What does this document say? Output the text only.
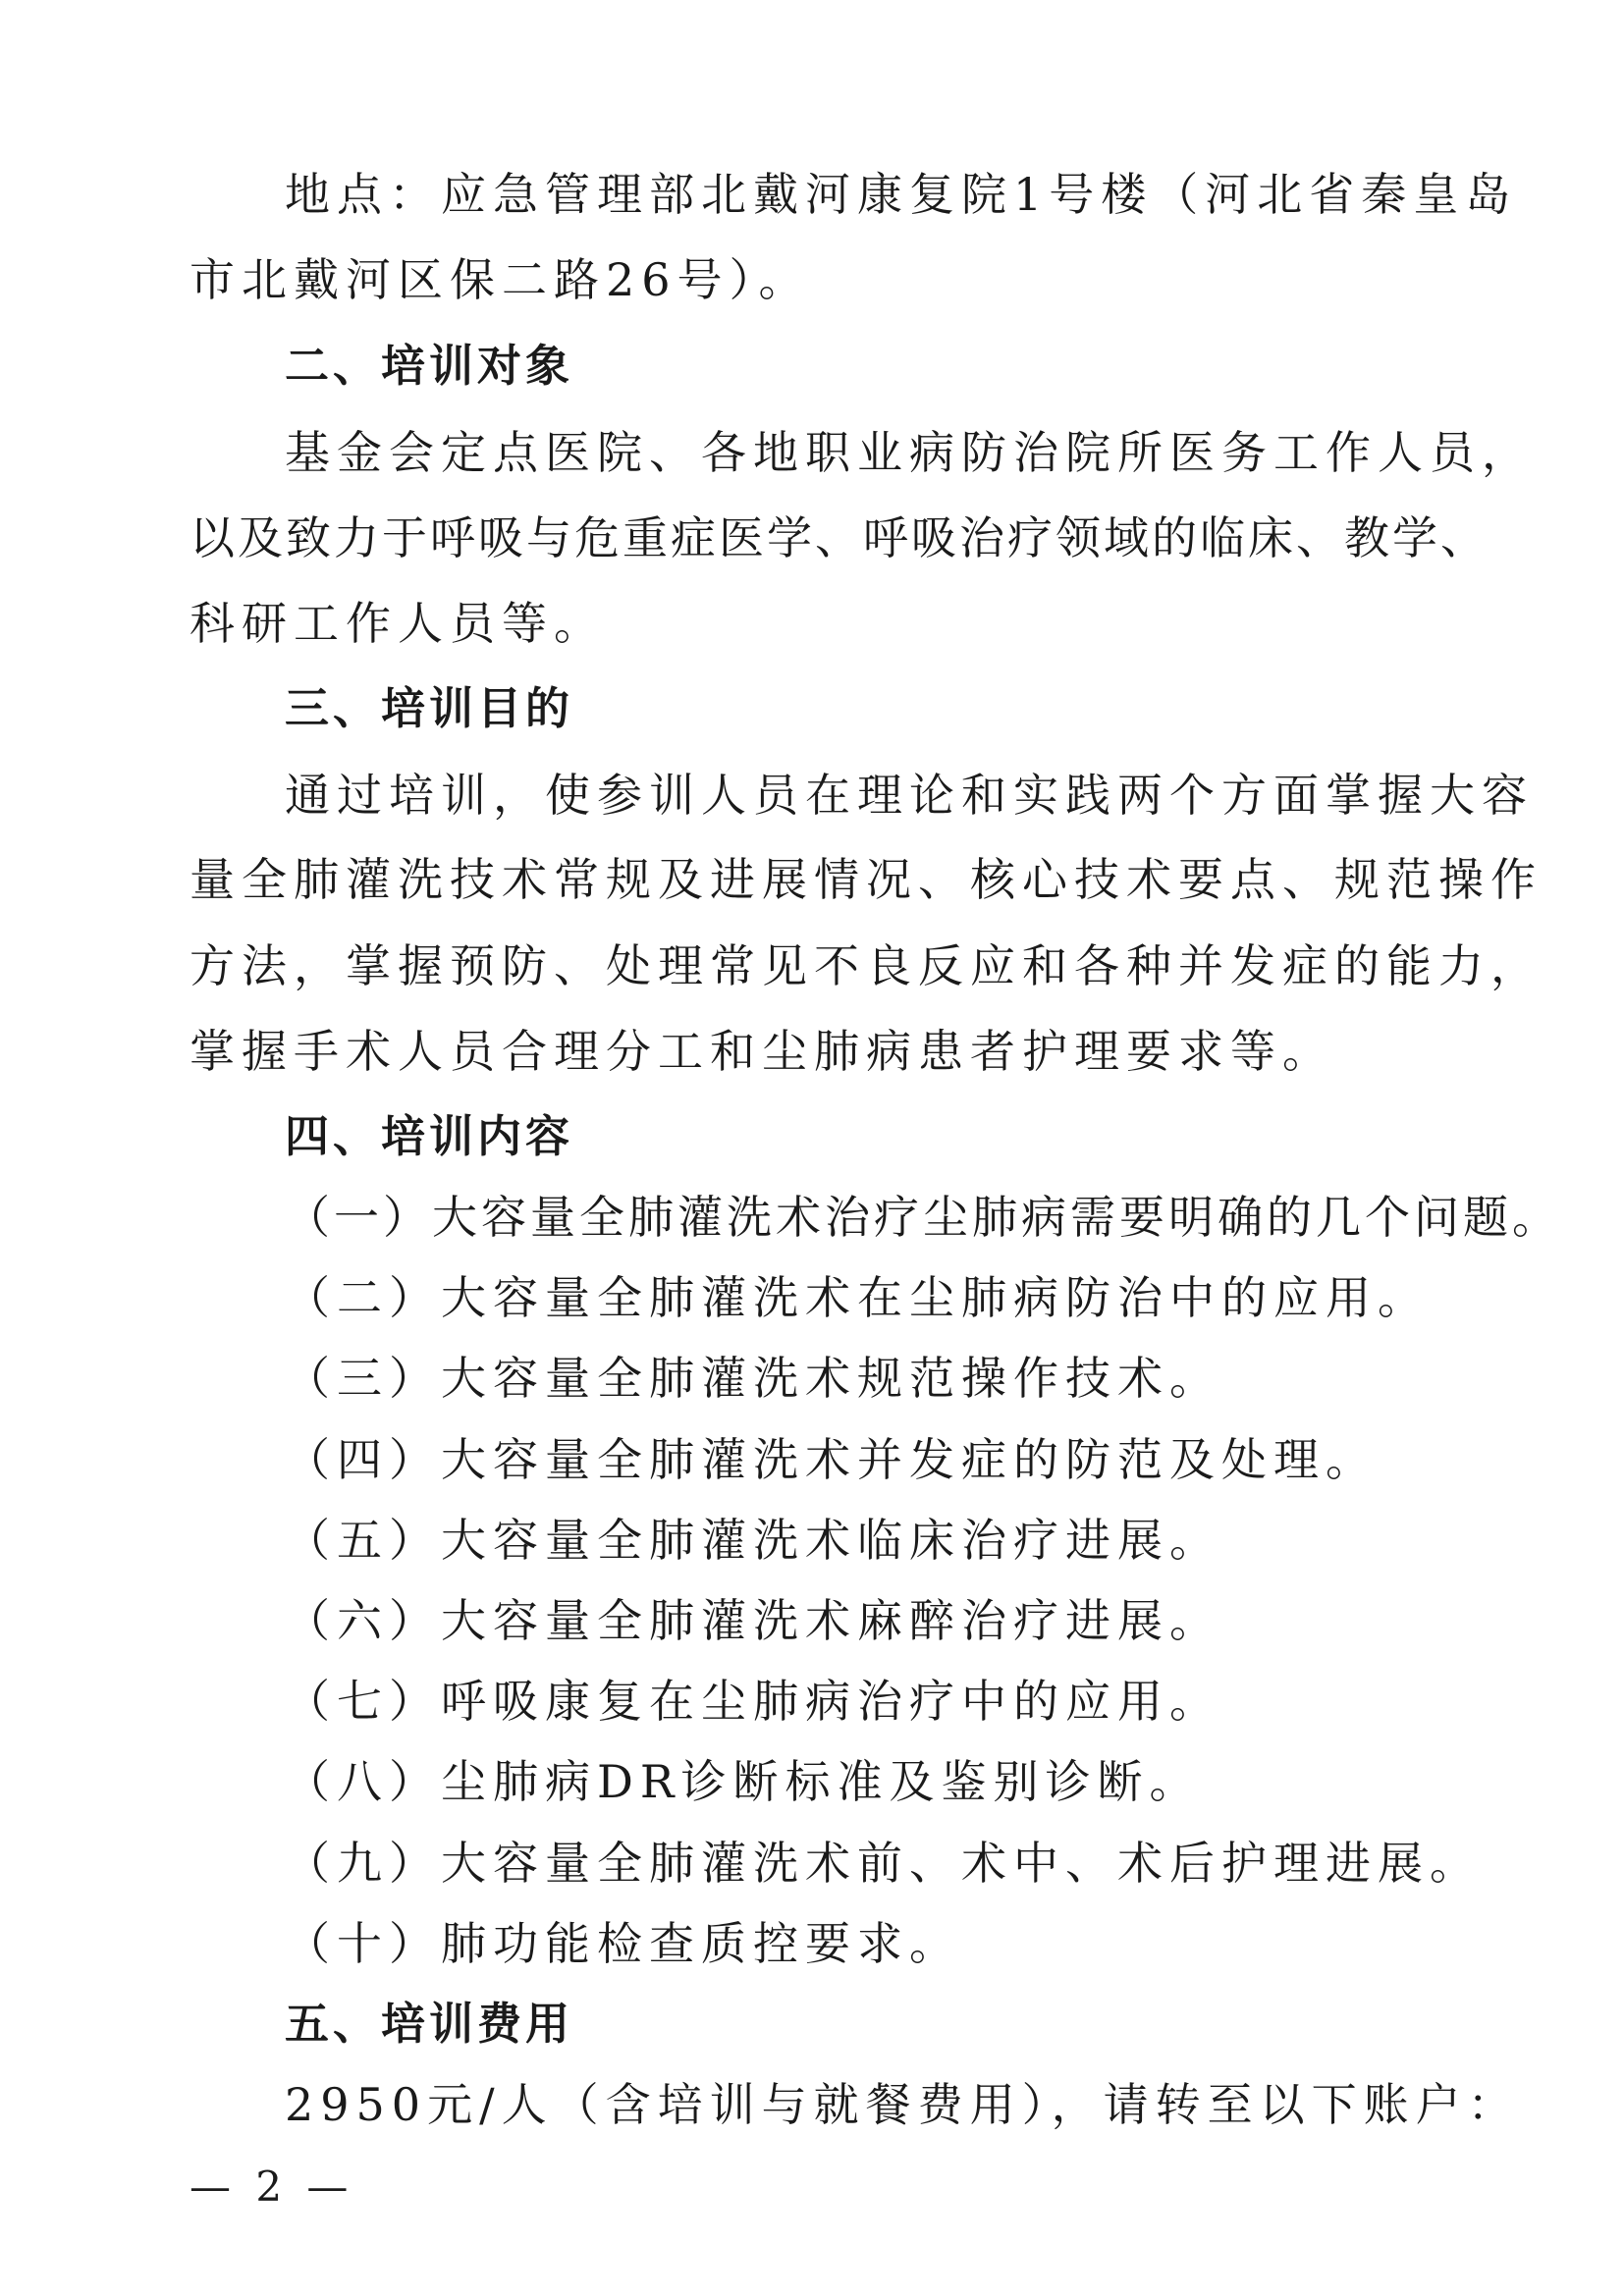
地点：应急管理部北戴河康复院1号楼（河北省秦皇岛
市北戴河区保二路26号）。
二、培训对象
基金会定点医院、各地职业病防治院所医务工作人员，
以及致力于呼吸与危重症医学、呼吸治疗领域的临床、教学、
科研工作人员等。
三、培训目的
通过培训，使参训人员在理论和实践两个方面掌握大容
量全肺灌洗技术常规及进展情况、核心技术要点、规范操作
方法，掌握预防、处理常见不良反应和各种并发症的能力，
掌握手术人员合理分工和尘肺病患者护理要求等。
四、培训内容
（一）大容量全肺灌洗术治疗尘肺病需要明确的几个问题。
（二）大容量全肺灌洗术在尘肺病防治中的应用。
（三）大容量全肺灌洗术规范操作技术。
（四）大容量全肺灌洗术并发症的防范及处理。
（五）大容量全肺灌洗术临床治疗进展。
（六）大容量全肺灌洗术麻醉治疗进展。
（七）呼吸康复在尘肺病治疗中的应用。
（八）尘肺病DR诊断标准及鉴别诊断。
（九）大容量全肺灌洗术前、术中、术后护理进展。
（十）肺功能检查质控要求。
五、培训费用
2950元/人（含培训与就餐费用），请转至以下账户：
— 2 —
